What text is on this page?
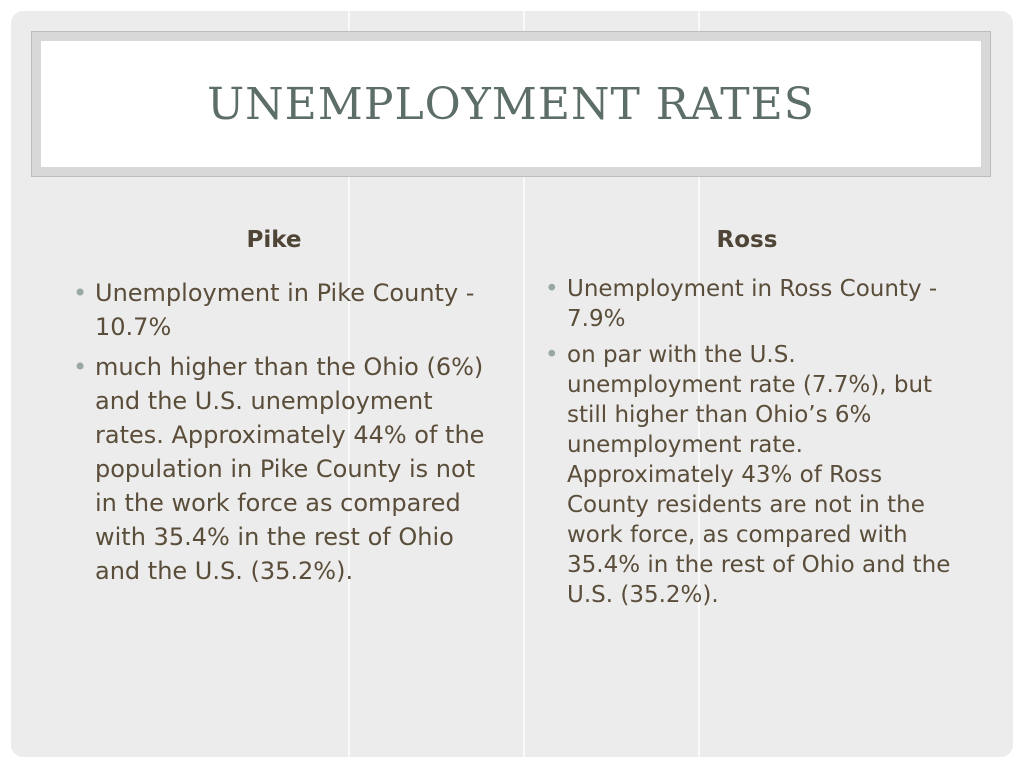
UNEMPLOYMENT RATES
Pike
• Unemployment in Pike County - 10.7%
• much higher than the Ohio (6%) and the U.S. unemployment rates. Approximately 44% of the population in Pike County is not in the work force as compared with 35.4% in the rest of Ohio and the U.S. (35.2%).
Ross
• Unemployment in Ross County - 7.9%
• on par with the U.S. unemployment rate (7.7%), but still higher than Ohio’s 6% unemployment rate. Approximately 43% of Ross County residents are not in the work force, as compared with 35.4% in the rest of Ohio and the U.S. (35.2%).
